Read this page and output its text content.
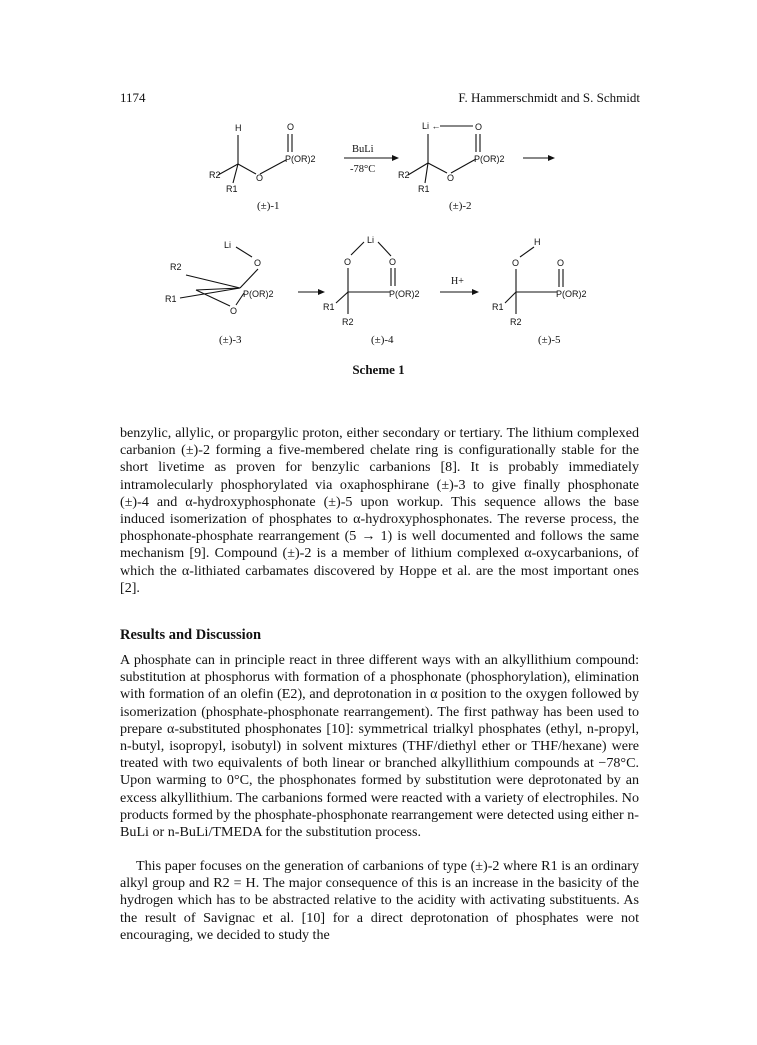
1174	F. Hammerschmidt and S. Schmidt
H	O
O
P(OR)2
R2
R1
BuLi
-78°C
Li ←	O
O
P(OR)2
R2
R1
(±)-1	(±)-2
Li
O
R2
R1
O
P(OR)2
Li
O	O
P(OR)2
R1
R2
H+
H
O	O
P(OR)2
R1
R2
(±)-3	(±)-4	(±)-5
Scheme 1

benzylic, allylic, or propargylic proton, either secondary or tertiary. The lithium complexed carbanion (±)-2 forming a five-membered chelate ring is configurationally stable for the short livetime as proven for benzylic carbanions [8]. It is probably immediately intramolecularly phosphorylated via oxaphosphirane (±)-3 to give finally phosphonate (±)-4 and α-hydroxyphosphonate (±)-5 upon workup. This sequence allows the base induced isomerization of phosphates to α-hydroxyphosphonates. The reverse process, the phosphonate-phosphate rearrangement (5 → 1) is well documented and follows the same mechanism [9]. Compound (±)-2 is a member of lithium complexed α-oxycarbanions, of which the α-lithiated carbamates discovered by Hoppe et al. are the most important ones [2].

Results and Discussion

A phosphate can in principle react in three different ways with an alkyllithium compound: substitution at phosphorus with formation of a phosphonate (phosphorylation), elimination with formation of an olefin (E2), and deprotonation in α position to the oxygen followed by isomerization (phosphate-phosphonate rearrangement). The first pathway has been used to prepare α-substituted phosphonates [10]: symmetrical trialkyl phosphates (ethyl, n-propyl, n-butyl, isopropyl, isobutyl) in solvent mixtures (THF/diethyl ether or THF/hexane) were treated with two equivalents of both linear or branched alkyllithium compounds at −78°C. Upon warming to 0°C, the phosphonates formed by substitution were deprotonated by an excess alkyllithium. The carbanions formed were reacted with a variety of electrophiles. No products formed by the phosphate-phosphonate rearrangement were detected using either n-BuLi or n-BuLi/TMEDA for the substitution process.

This paper focuses on the generation of carbanions of type (±)-2 where R1 is an ordinary alkyl group and R2 = H. The major consequence of this is an increase in the basicity of the hydrogen which has to be abstracted relative to the acidity with activating substituents. As the result of Savignac et al. [10] for a direct deprotonation of phosphates were not encouraging, we decided to study the
